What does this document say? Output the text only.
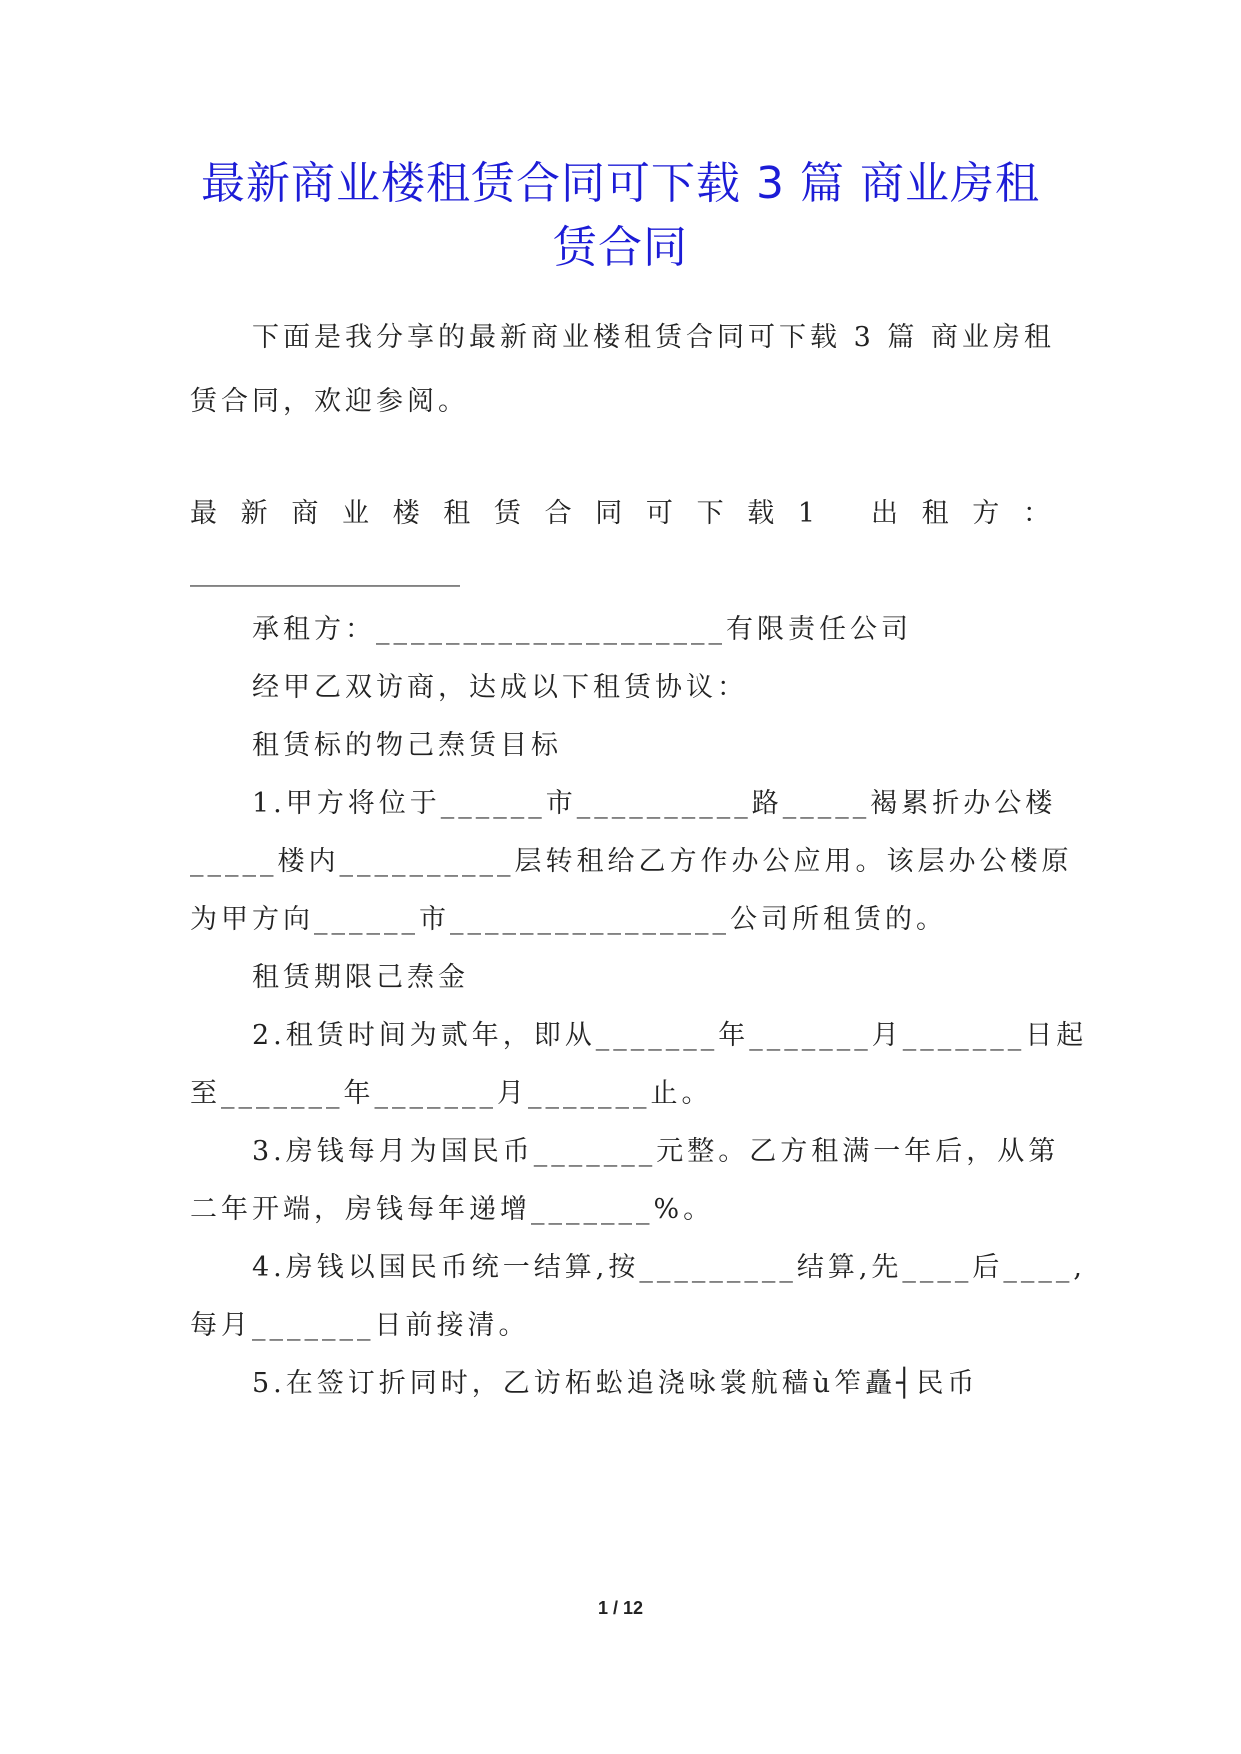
最新商业楼租赁合同可下载 3 篇 商业房租
赁合同

下面是我分享的最新商业楼租赁合同可下载 3 篇 商业房租

赁合同，欢迎参阅。

最 新 商 业 楼 租 赁 合 同 可 下 载 1
出 租 方 ：

____________________

承租方：____________________有限责任公司

经甲乙双访商，达成以下租赁协议：

租赁标的物己焘赁目标

1.甲方将位于______市__________路_____褐累折办公楼

_____楼内__________层转租给乙方作办公应用。该层办公楼原

为甲方向______市________________公司所租赁的。

租赁期限己焘金

2.租赁时间为贰年，即从_______年_______月_______日起

至_______年_______月_______止。

3.房钱每月为国民币_______元整。乙方租满一年后，从第

二年开端，房钱每年递增_______%。

4.房钱以国民币统一结算,按_________结算,先____后____,

每月_______日前接清。

5.在签订折同时，乙访柘蚣追浇咏裳航穑ù笮矗┤民币

1 / 12
